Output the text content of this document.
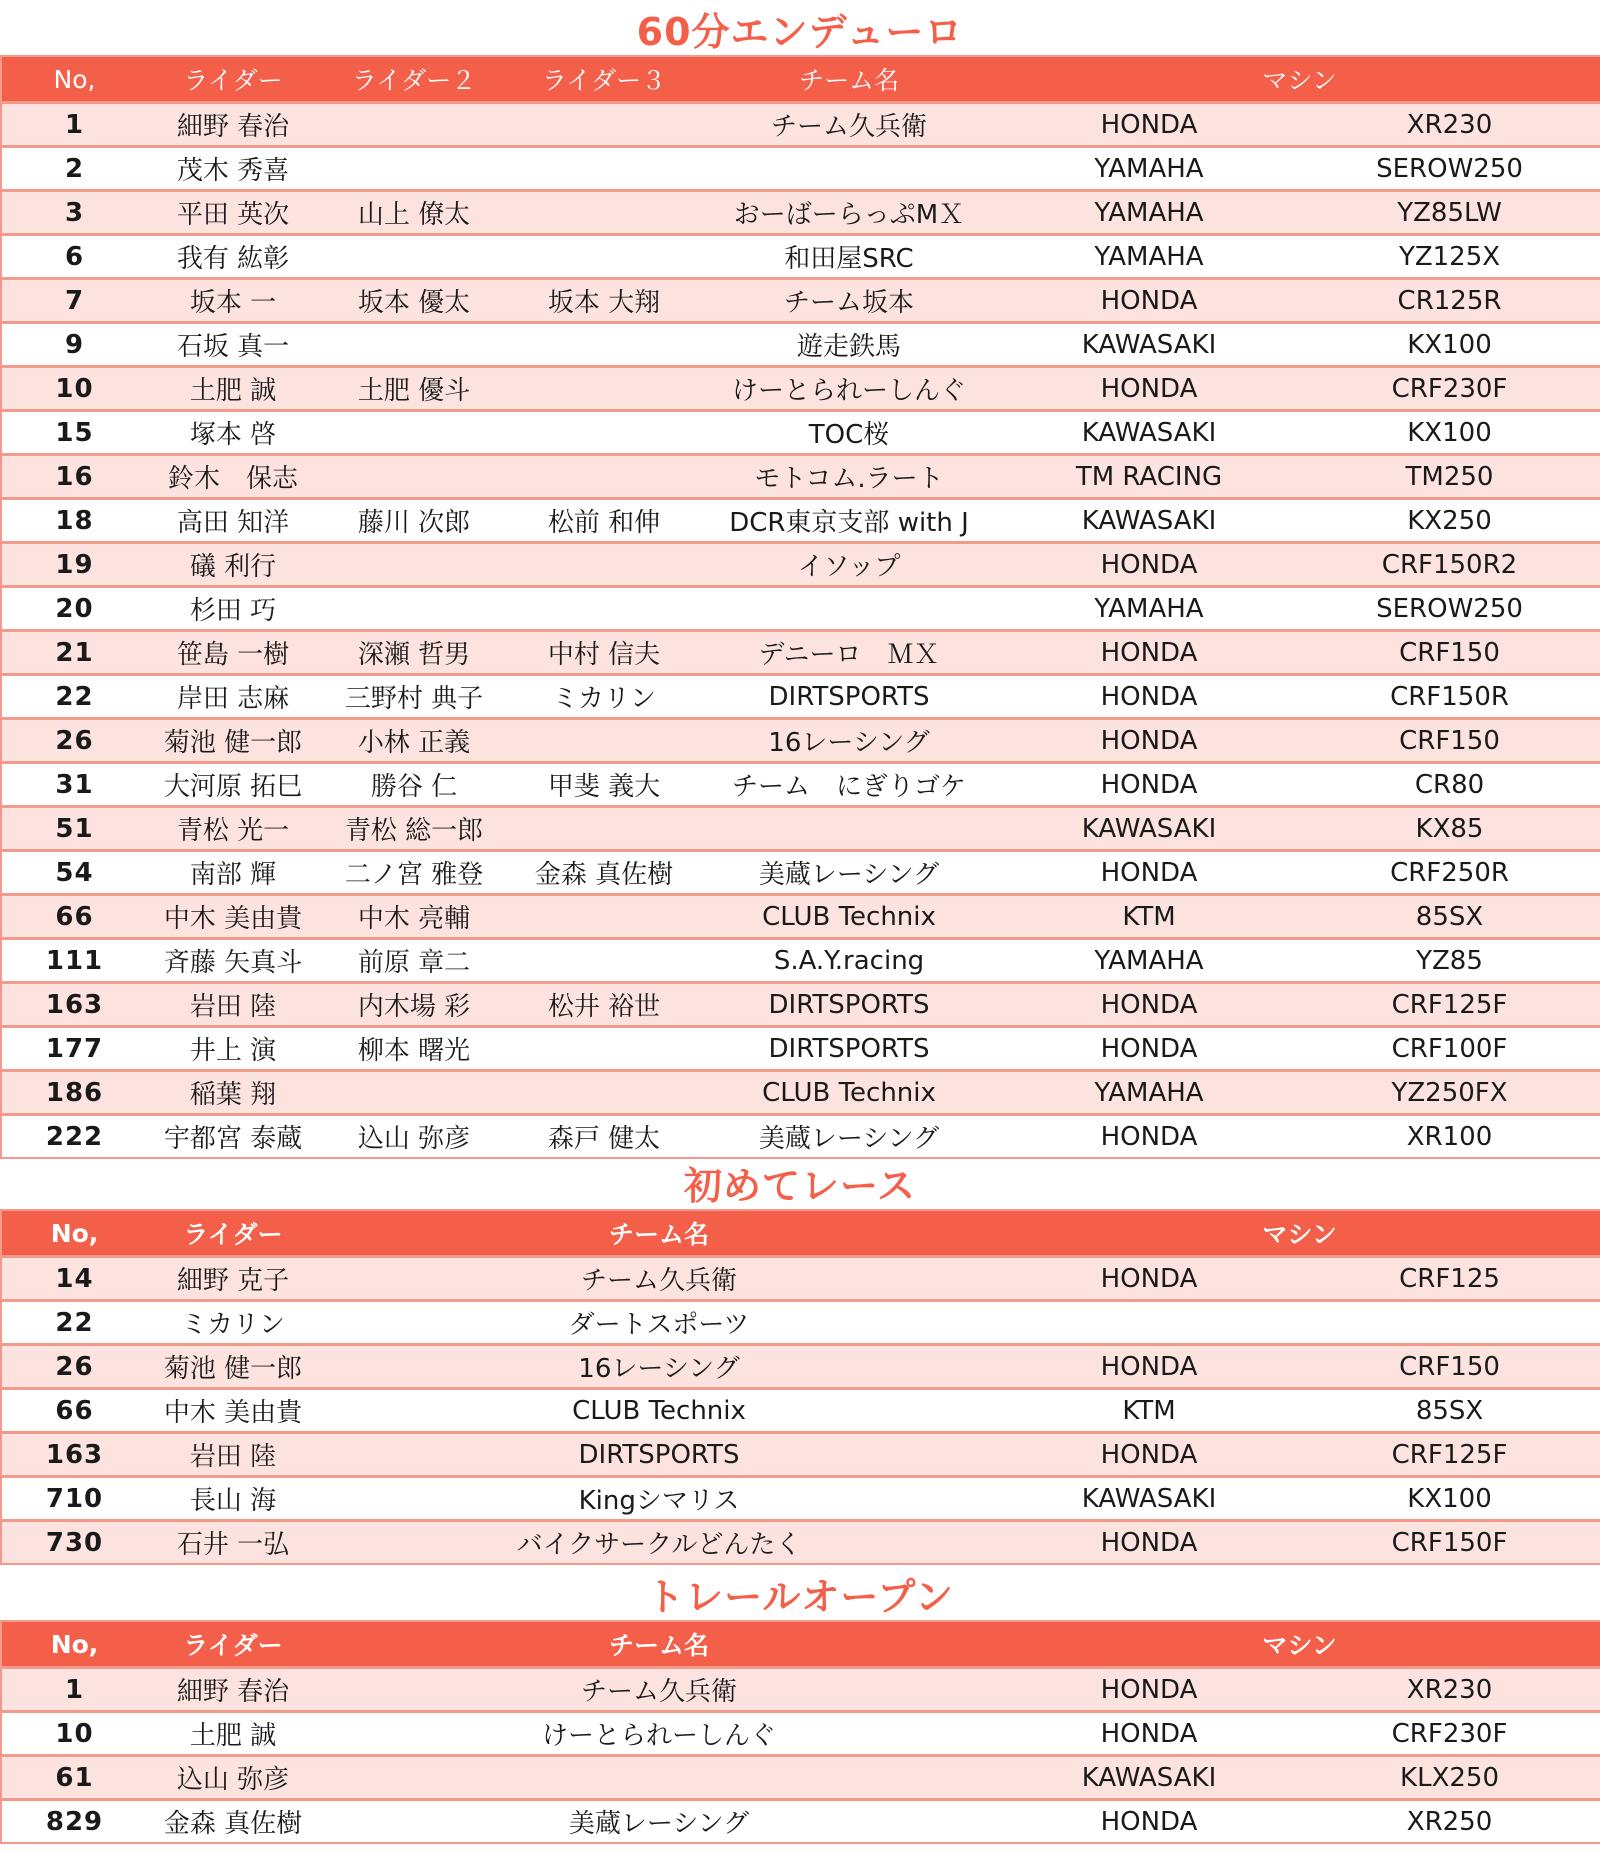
60分エンデューロ
No,	ライダー	ライダー２	ライダー３	チーム名	マシン	
1	細野 春治			チーム久兵衛	HONDA	XR230
2	茂木 秀喜				YAMAHA	SEROW250
3	平田 英次	山上 僚太		おーばーらっぷMＸ	YAMAHA	YZ85LW
6	我有 紘彰			和田屋SRC	YAMAHA	YZ125X
7	坂本 一	坂本 優太	坂本 大翔	チーム坂本	HONDA	CR125R
9	石坂 真一			遊走鉄馬	KAWASAKI	KX100
10	土肥 誠	土肥 優斗		けーとられーしんぐ	HONDA	CRF230F
15	塚本 啓			TOC桜	KAWASAKI	KX100
16	鈴木　保志			モトコム.ラート	TM RACING	TM250
18	高田 知洋	藤川 次郎	松前 和伸	DCR東京支部 with J	KAWASAKI	KX250
19	礒 利行			イソップ	HONDA	CRF150R2
20	杉田 巧				YAMAHA	SEROW250
21	笹島 一樹	深瀬 哲男	中村 信夫	デニーロ　ＭＸ	HONDA	CRF150
22	岸田 志麻	三野村 典子	ミカリン	DIRTSPORTS	HONDA	CRF150R
26	菊池 健一郎	小林 正義		16レーシング	HONDA	CRF150
31	大河原 拓巳	勝谷 仁	甲斐 義大	チーム　にぎりゴケ	HONDA	CR80
51	青松 光一	青松 総一郎			KAWASAKI	KX85
54	南部 輝	二ノ宮 雅登	金森 真佐樹	美蔵レーシング	HONDA	CRF250R
66	中木 美由貴	中木 亮輔		CLUB Technix	KTM	85SX
111	斉藤 矢真斗	前原 章二		S.A.Y.racing	YAMAHA	YZ85
163	岩田 陸	内木場 彩	松井 裕世	DIRTSPORTS	HONDA	CRF125F
177	井上 演	柳本 曙光		DIRTSPORTS	HONDA	CRF100F
186	稲葉 翔			CLUB Technix	YAMAHA	YZ250FX
222	宇都宮 泰蔵	込山 弥彦	森戸 健太	美蔵レーシング	HONDA	XR100
初めてレース
No,	ライダー	チーム名	マシン	
14	細野 克子	チーム久兵衛	HONDA	CRF125
22	ミカリン	ダートスポーツ		
26	菊池 健一郎	16レーシング	HONDA	CRF150
66	中木 美由貴	CLUB Technix	KTM	85SX
163	岩田 陸	DIRTSPORTS	HONDA	CRF125F
710	長山 海	Kingシマリス	KAWASAKI	KX100
730	石井 一弘	バイクサークルどんたく	HONDA	CRF150F
トレールオープン
No,	ライダー	チーム名	マシン	
1	細野 春治	チーム久兵衛	HONDA	XR230
10	土肥 誠	けーとられーしんぐ	HONDA	CRF230F
61	込山 弥彦		KAWASAKI	KLX250
829	金森 真佐樹	美蔵レーシング	HONDA	XR250
